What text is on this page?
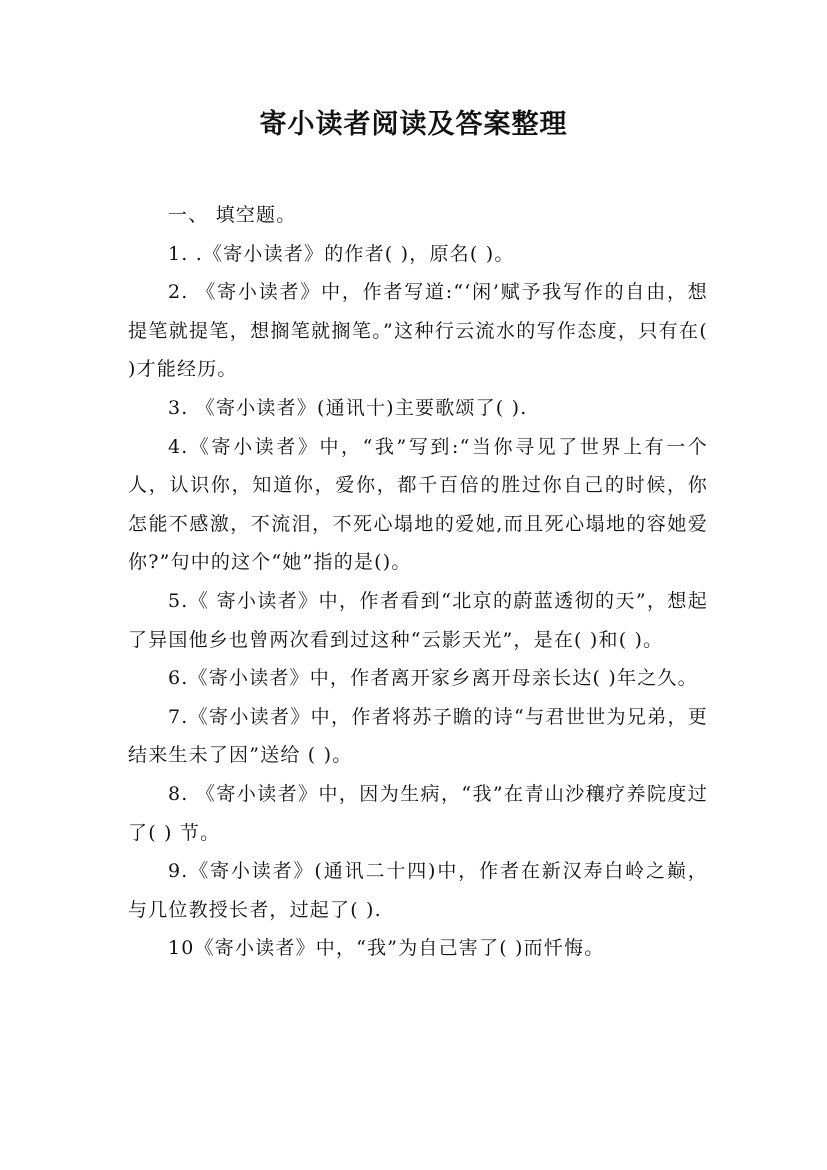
寄小读者阅读及答案整理

一、 填空题。

1. .《寄小读者》的作者( )，原名( )。

2. 《寄小读者》中，作者写道:“‘闲’赋予我写作的自由，想提笔就提笔，想搁笔就搁笔。”这种行云流水的写作态度，只有在( )才能经历。

3. 《寄小读者》(通讯十)主要歌颂了( ).

4.《寄小读者》中，“我”写到:“当你寻见了世界上有一个人，认识你，知道你，爱你，都千百倍的胜过你自己的时候，你怎能不感激，不流泪，不死心塌地的爱她,而且死心塌地的容她爱你?”句中的这个“她”指的是()。

5.《 寄小读者》中，作者看到“北京的蔚蓝透彻的天”，想起了异国他乡也曾两次看到过这种“云影天光”，是在( )和( )。

6.《寄小读者》中，作者离开家乡离开母亲长达( )年之久。

7.《寄小读者》中，作者将苏子瞻的诗“与君世世为兄弟，更结来生未了因”送给 ( )。

8. 《寄小读者》中，因为生病，“我”在青山沙穰疗养院度过了( ) 节。

9.《寄小读者》(通讯二十四)中，作者在新汉寿白岭之巅，与几位教授长者，过起了( ).

10《寄小读者》中，“我”为自己害了( )而忏悔。
